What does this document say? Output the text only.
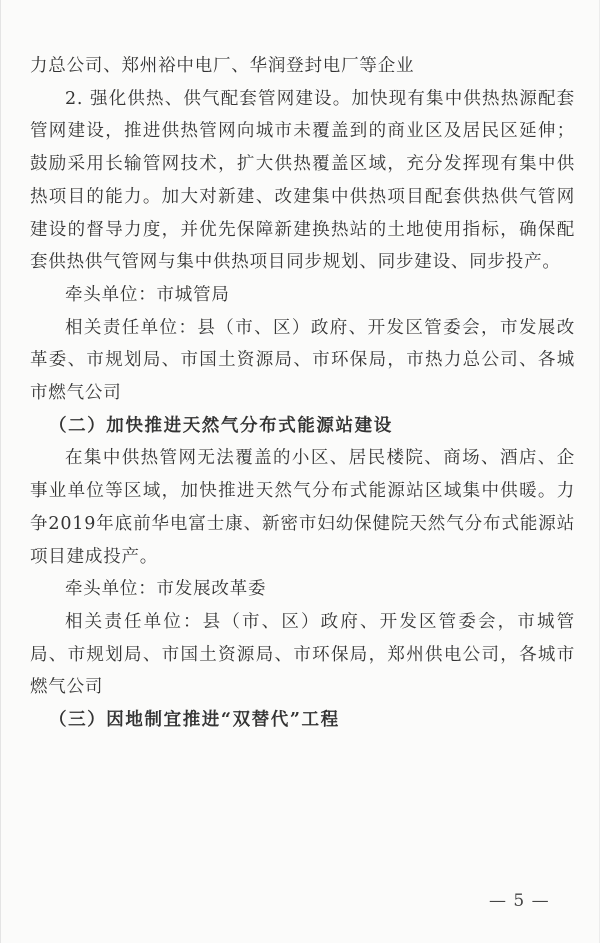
力总公司、郑州裕中电厂、华润登封电厂等企业

2. 强化供热、供气配套管网建设。加快现有集中供热热源配套管网建设，推进供热管网向城市未覆盖到的商业区及居民区延伸；鼓励采用长输管网技术，扩大供热覆盖区域，充分发挥现有集中供热项目的能力。加大对新建、改建集中供热项目配套供热供气管网建设的督导力度，并优先保障新建换热站的土地使用指标，确保配套供热供气管网与集中供热项目同步规划、同步建设、同步投产。

牵头单位：市城管局

相关责任单位：县（市、区）政府、开发区管委会，市发展改革委、市规划局、市国土资源局、市环保局，市热力总公司、各城市燃气公司

（二）加快推进天然气分布式能源站建设

在集中供热管网无法覆盖的小区、居民楼院、商场、酒店、企事业单位等区域，加快推进天然气分布式能源站区域集中供暖。力争2019年底前华电富士康、新密市妇幼保健院天然气分布式能源站项目建成投产。

牵头单位：市发展改革委

相关责任单位：县（市、区）政府、开发区管委会，市城管局、市规划局、市国土资源局、市环保局，郑州供电公司，各城市燃气公司

（三）因地制宜推进“双替代”工程

— 5 —
